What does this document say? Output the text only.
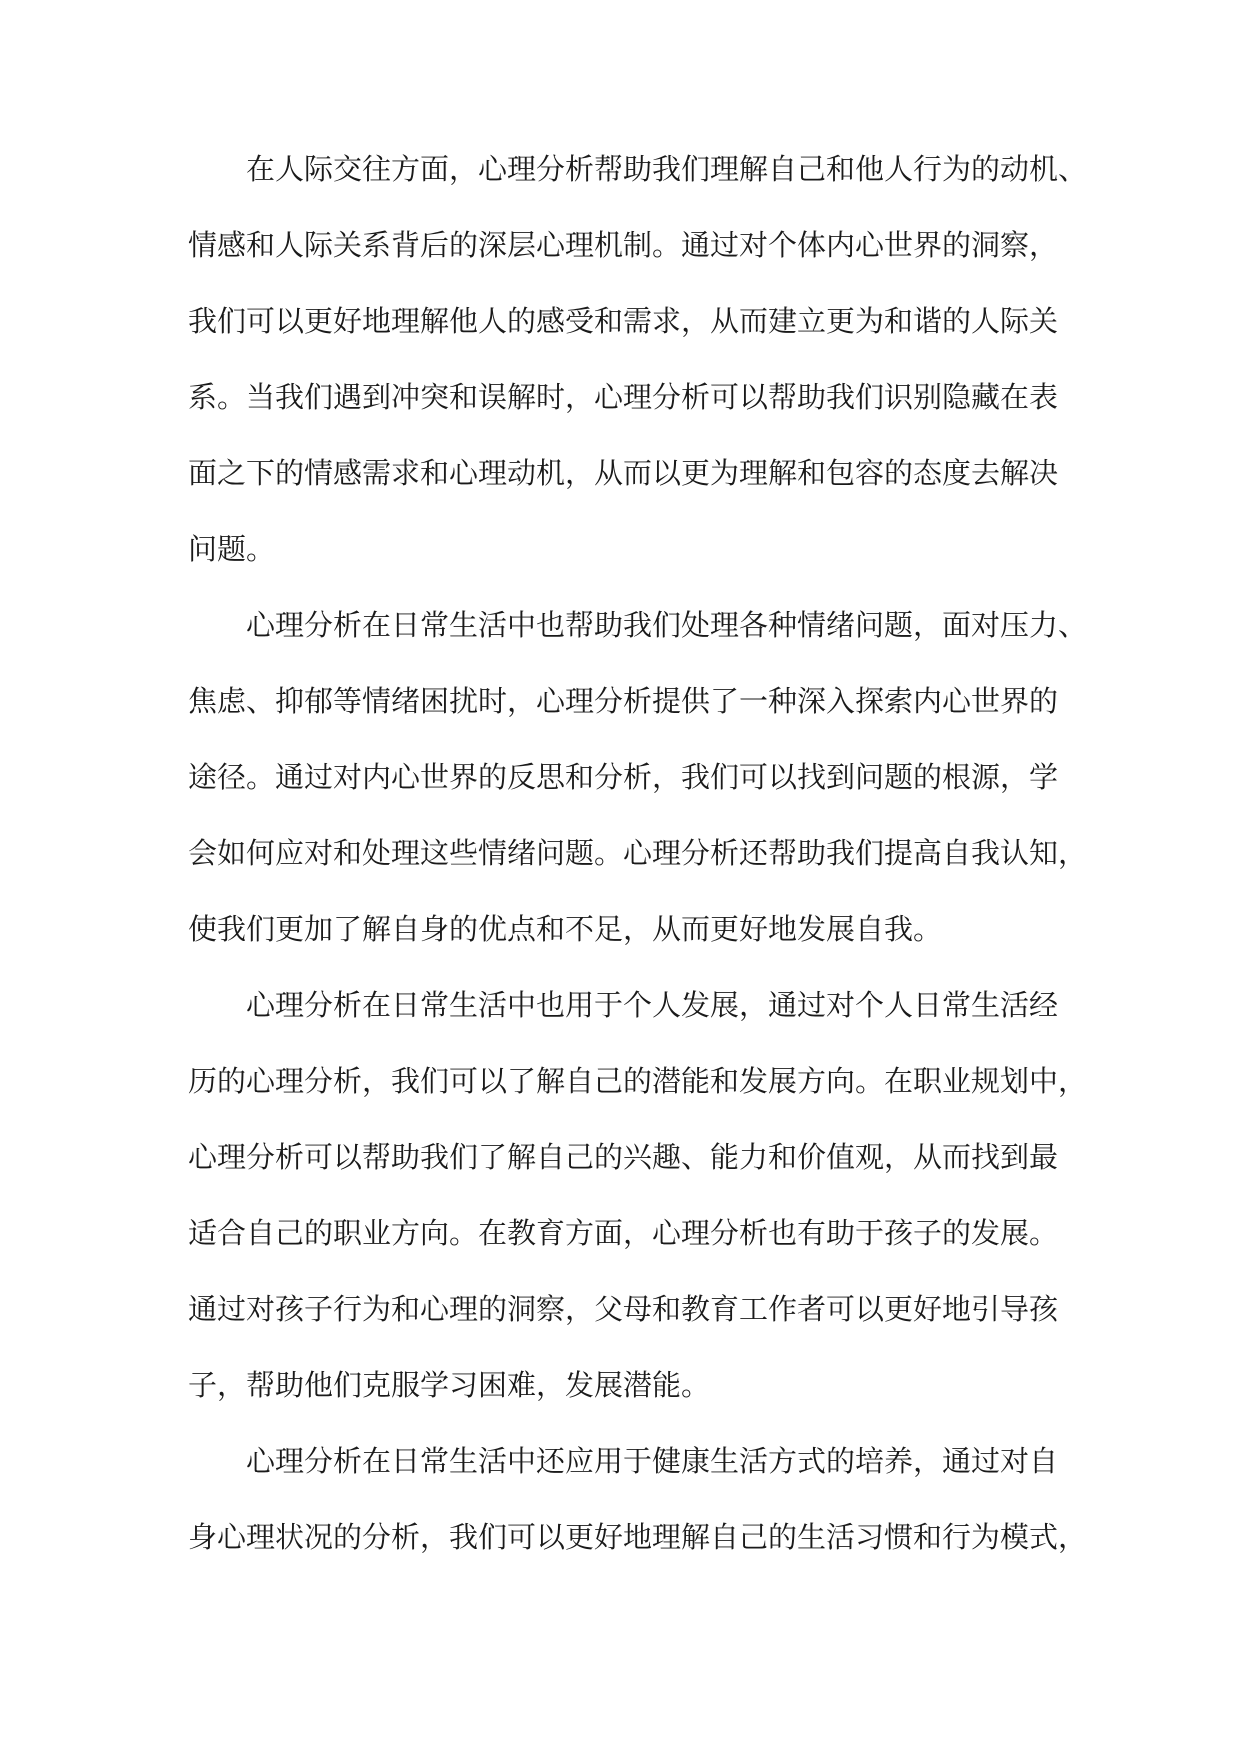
在人际交往方面，心理分析帮助我们理解自己和他人行为的动机、
情感和人际关系背后的深层心理机制。通过对个体内心世界的洞察，
我们可以更好地理解他人的感受和需求，从而建立更为和谐的人际关
系。当我们遇到冲突和误解时，心理分析可以帮助我们识别隐藏在表
面之下的情感需求和心理动机，从而以更为理解和包容的态度去解决
问题。
心理分析在日常生活中也帮助我们处理各种情绪问题，面对压力、
焦虑、抑郁等情绪困扰时，心理分析提供了一种深入探索内心世界的
途径。通过对内心世界的反思和分析，我们可以找到问题的根源，学
会如何应对和处理这些情绪问题。心理分析还帮助我们提高自我认知，
使我们更加了解自身的优点和不足，从而更好地发展自我。
心理分析在日常生活中也用于个人发展，通过对个人日常生活经
历的心理分析，我们可以了解自己的潜能和发展方向。在职业规划中，
心理分析可以帮助我们了解自己的兴趣、能力和价值观，从而找到最
适合自己的职业方向。在教育方面，心理分析也有助于孩子的发展。
通过对孩子行为和心理的洞察，父母和教育工作者可以更好地引导孩
子，帮助他们克服学习困难，发展潜能。
心理分析在日常生活中还应用于健康生活方式的培养，通过对自
身心理状况的分析，我们可以更好地理解自己的生活习惯和行为模式，
